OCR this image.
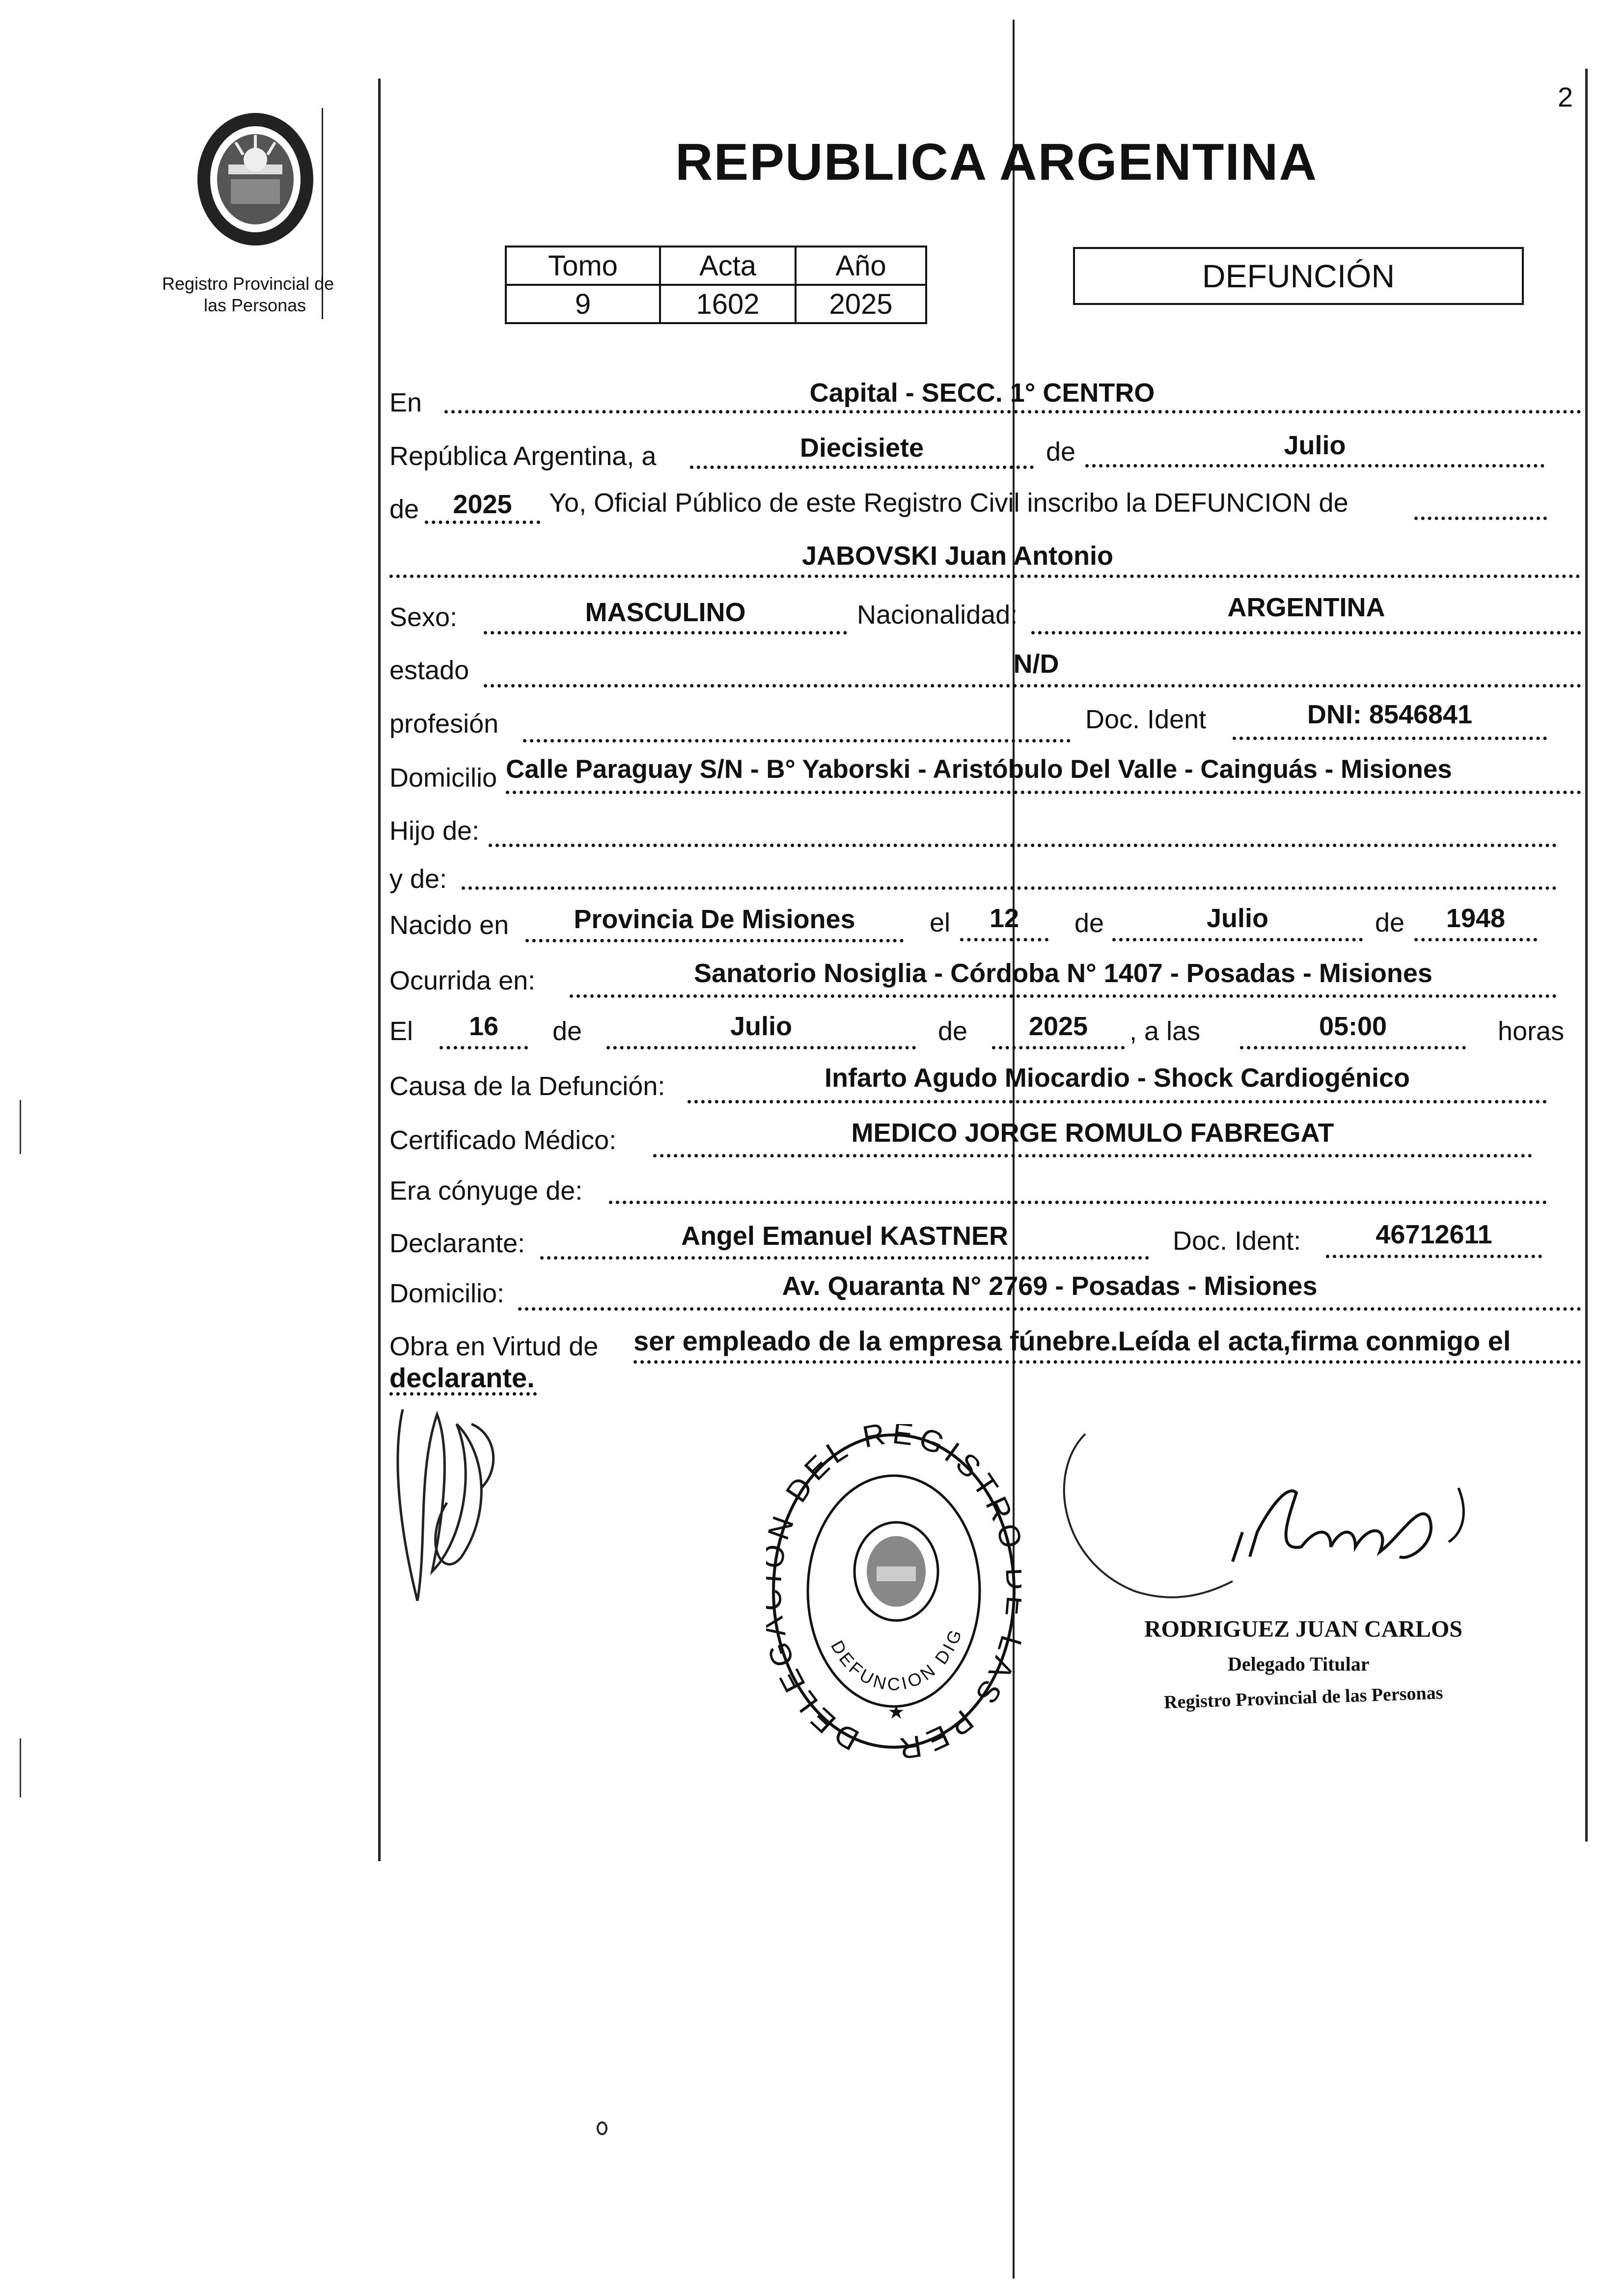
2
Registro Provincial de
las Personas
REPUBLICA ARGENTINA
Tomo	Acta	Año
9	1602	2025
DEFUNCIÓN
En	Capital - SECC. 1° CENTRO
República Argentina, a	Diecisiete	de	Julio
de	2025	Yo, Oficial Público de este Registro Civil inscribo la DEFUNCION de
JABOVSKI Juan Antonio
Sexo:	MASCULINO	Nacionalidad:	ARGENTINA
estado	N/D
profesión	Doc. Ident	DNI: 8546841
Domicilio Calle Paraguay S/N - B° Yaborski - Aristóbulo Del Valle - Cainguás - Misiones
Hijo de:
y de:
Nacido en	Provincia De Misiones	el	12	de	Julio	de	1948
Ocurrida en:	Sanatorio Nosiglia - Córdoba N° 1407 - Posadas - Misiones
El	16	de	Julio	de	2025	, a las	05:00	horas
Causa de la Defunción:	Infarto Agudo Miocardio - Shock Cardiogénico
Certificado Médico:	MEDICO JORGE ROMULO FABREGAT
Era cónyuge de:
Declarante:	Angel Emanuel KASTNER	Doc. Ident:	46712611
Domicilio:	Av. Quaranta N° 2769 - Posadas - Misiones
Obra en Virtud de ser empleado de la empresa fúnebre.Leída el acta,firma conmigo el
declarante.
DELE DEL REGISTR AS PER
DEFUNCION DIG	RODRIGUEZ JUAN CARLOS
Delegado Titular
Registro Provincial de las Personas
